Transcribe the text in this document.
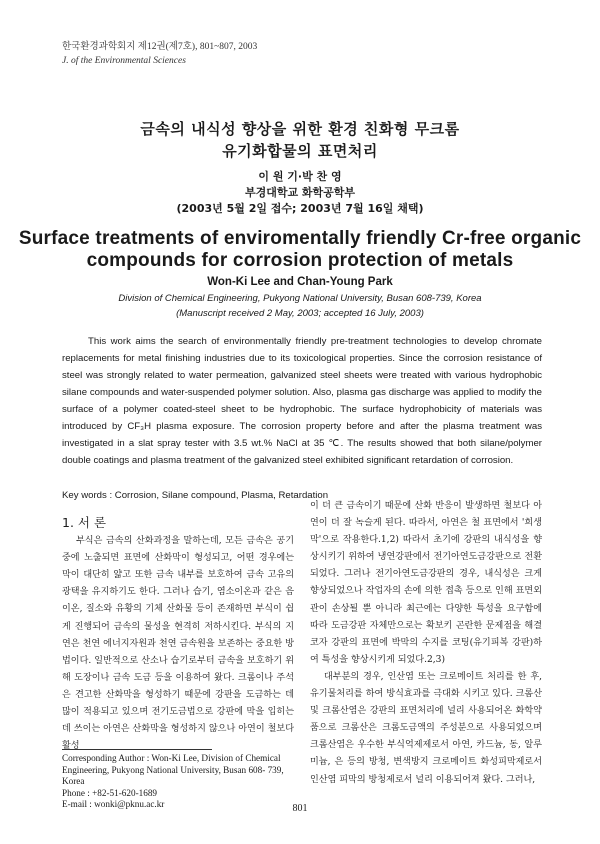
한국환경과학회지 제12권(제7호), 801~807, 2003
J. of the Environmental Sciences
금속의 내식성 향상을 위한 환경 친화형 무크롬
유기화합물의 표면처리
이 원 기·박 찬 영
부경대학교 화학공학부
(2003년 5월 2일 접수; 2003년 7월 16일 채택)
Surface treatments of enviromentally friendly Cr-free organic
compounds for corrosion protection of metals
Won-Ki Lee and Chan-Young Park
Division of Chemical Engineering, Pukyong National University, Busan 608-739, Korea
(Manuscript received 2 May, 2003; accepted 16 July, 2003)
This work aims the search of environmentally friendly pre-treatment technologies to develop chromate replacements for metal finishing industries due to its toxicological properties. Since the corrosion resistance of steel was strongly related to water permeation, galvanized steel sheets were treated with various hydrophobic silane compounds and water-suspended polymer solution. Also, plasma gas discharge was applied to modify the surface of a polymer coated-steel sheet to be hydrophobic. The surface hydrophobicity of materials was introduced by CF₃H plasma exposure. The corrosion property before and after the plasma treatment was investigated in a slat spray tester with 3.5 wt.% NaCl at 35 ℃. The results showed that both silane/polymer double coatings and plasma treatment of the galvanized steel exhibited significant retardation of corrosion.
Key words : Corrosion, Silane compound, Plasma, Retardation
1. 서 론

부식은 금속의 산화과정을 말하는데, 모든 금속은 공기 중에 노출되면 표면에 산화막이 형성되고, 어떤 경우에는 막이 대단히 얇고 또한 금속 내부를 보호하여 금속 고유의 광택을 유지하기도 한다. 그러나 습기, 염소이온과 같은 음이온, 질소와 유황의 기체 산화물 등이 존재하면 부식이 쉽게 진행되어 금속의 물성을 현격히 저하시킨다. 부식의 지연은 천연 에너지자원과 천연 금속원을 보존하는 중요한 방법이다. 일반적으로 산소나 습기로부터 금속을 보호하기 위해 도장이나 금속 도금 등을 이용하여 왔다. 크롬이나 주석은 견고한 산화막을 형성하기 때문에 강판을 도금하는 데 많이 적용되고 있으며 전기도금법으로 강판에 막을 입히는 데 쓰이는 아연은 산화막을 형성하지 않으나 아연이 철보다 활성

이 더 큰 금속이기 때문에 산화 반응이 발생하면 철보다 아연이 더 잘 녹슬게 된다. 따라서, 아연은 철 표면에서 '희생막'으로 작용한다.1,2) 따라서 초기에 강판의 내식성을 향상시키기 위하여 냉연강판에서 전기아연도금강판으로 전환되었다. 그러나 전기아연도금강판의 경우, 내식성은 크게 향상되었으나 작업자의 손에 의한 접촉 등으로 인해 표면외관이 손상될 뿐 아니라 최근에는 다양한 특성을 요구함에 따라 도금강판 자체만으로는 확보키 곤란한 문제점을 해결코자 강판의 표면에 박막의 수지를 코팅(유기피복 강판)하여 특성을 향상시키게 되었다.2,3)

대부분의 경우, 인산염 또는 크로메이트 처리를 한 후, 유기물처리를 하여 방식효과를 극대화 시키고 있다. 크롬산 및 크롬산염은 강판의 표면처리에 널리 사용되어온 화학약품으로 크롬산은 크롬도금액의 주성분으로 사용되었으며 크롬산염은 우수한 부식억제제로서 아연, 카드늄, 동, 알루미늄, 은 등의 방청, 변색방지 크로메이트 화성피막제로서 인산염 피막의 방청제로서 널리 이용되어져 왔다. 그러나,

Corresponding Author : Won-Ki Lee, Division of Chemical Engineering, Pukyong National University, Busan 608- 739, Korea
Phone : +82-51-620-1689
E-mail : wonki@pknu.ac.kr	801
